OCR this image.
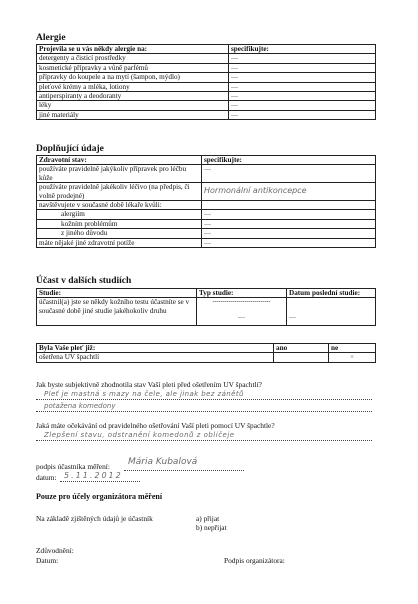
Alergie
Projevila se u vás někdy alergie na:	specifikujte:
detergenty a čisticí prostředky	—
kosmetické přípravky a vůně parfémů	—
přípravky do koupele a na mytí (šampon, mýdlo)	—
pleťové krémy a mléka, lotiony	—
antiperspiranty a deodoranty	—
léky	—
jiné materiály	—
Doplňující údaje
Zdravotní stav:	specifikujte:
používáte pravidelně jakýkoliv přípravek pro léčbu kůže	—
používáte pravidelně jakékoliv léčivo (na předpis, či volně prodejné)	Hormonální antikoncepce
navštěvujete v současné době lékaře kvůli:	
alergiím	—
kožním problémům	—
z jiného důvodu	—
máte nějaké jiné zdravotní potíže	—
Účast v dalších studiích
Studie:	Typ studie:	Datum poslední studie:
účastnil(a) jste se někdy kožního testu účastníte se v současné době jiné studie jakéhokoliv druhu	-----------------------------
—	—
Byla Vaše pleť již:	ano	ne
ošetřena UV špachtlí		×
Jak byste subjektivně zhodnotila stav Vaší pleti před ošetřením UV špachtlí?
Pleť je mastná s mazy na čele, ale jinak bez zánětů
potažena komedony
Jaká máte očekávání od pravidelného ošetřování Vaší pleti pomocí UV špachtle?
Zlepšení stavu, odstranění komedonů z obličeje
podpis účastníka měření: Mária Kubalová
datum: 5.11.2012
Pouze pro účely organizátora měření
Na základě zjištěných údajů je účastník	a) přijat
b) nepřijat
Zdůvodnění:
Datum:	Podpis organizátora:
